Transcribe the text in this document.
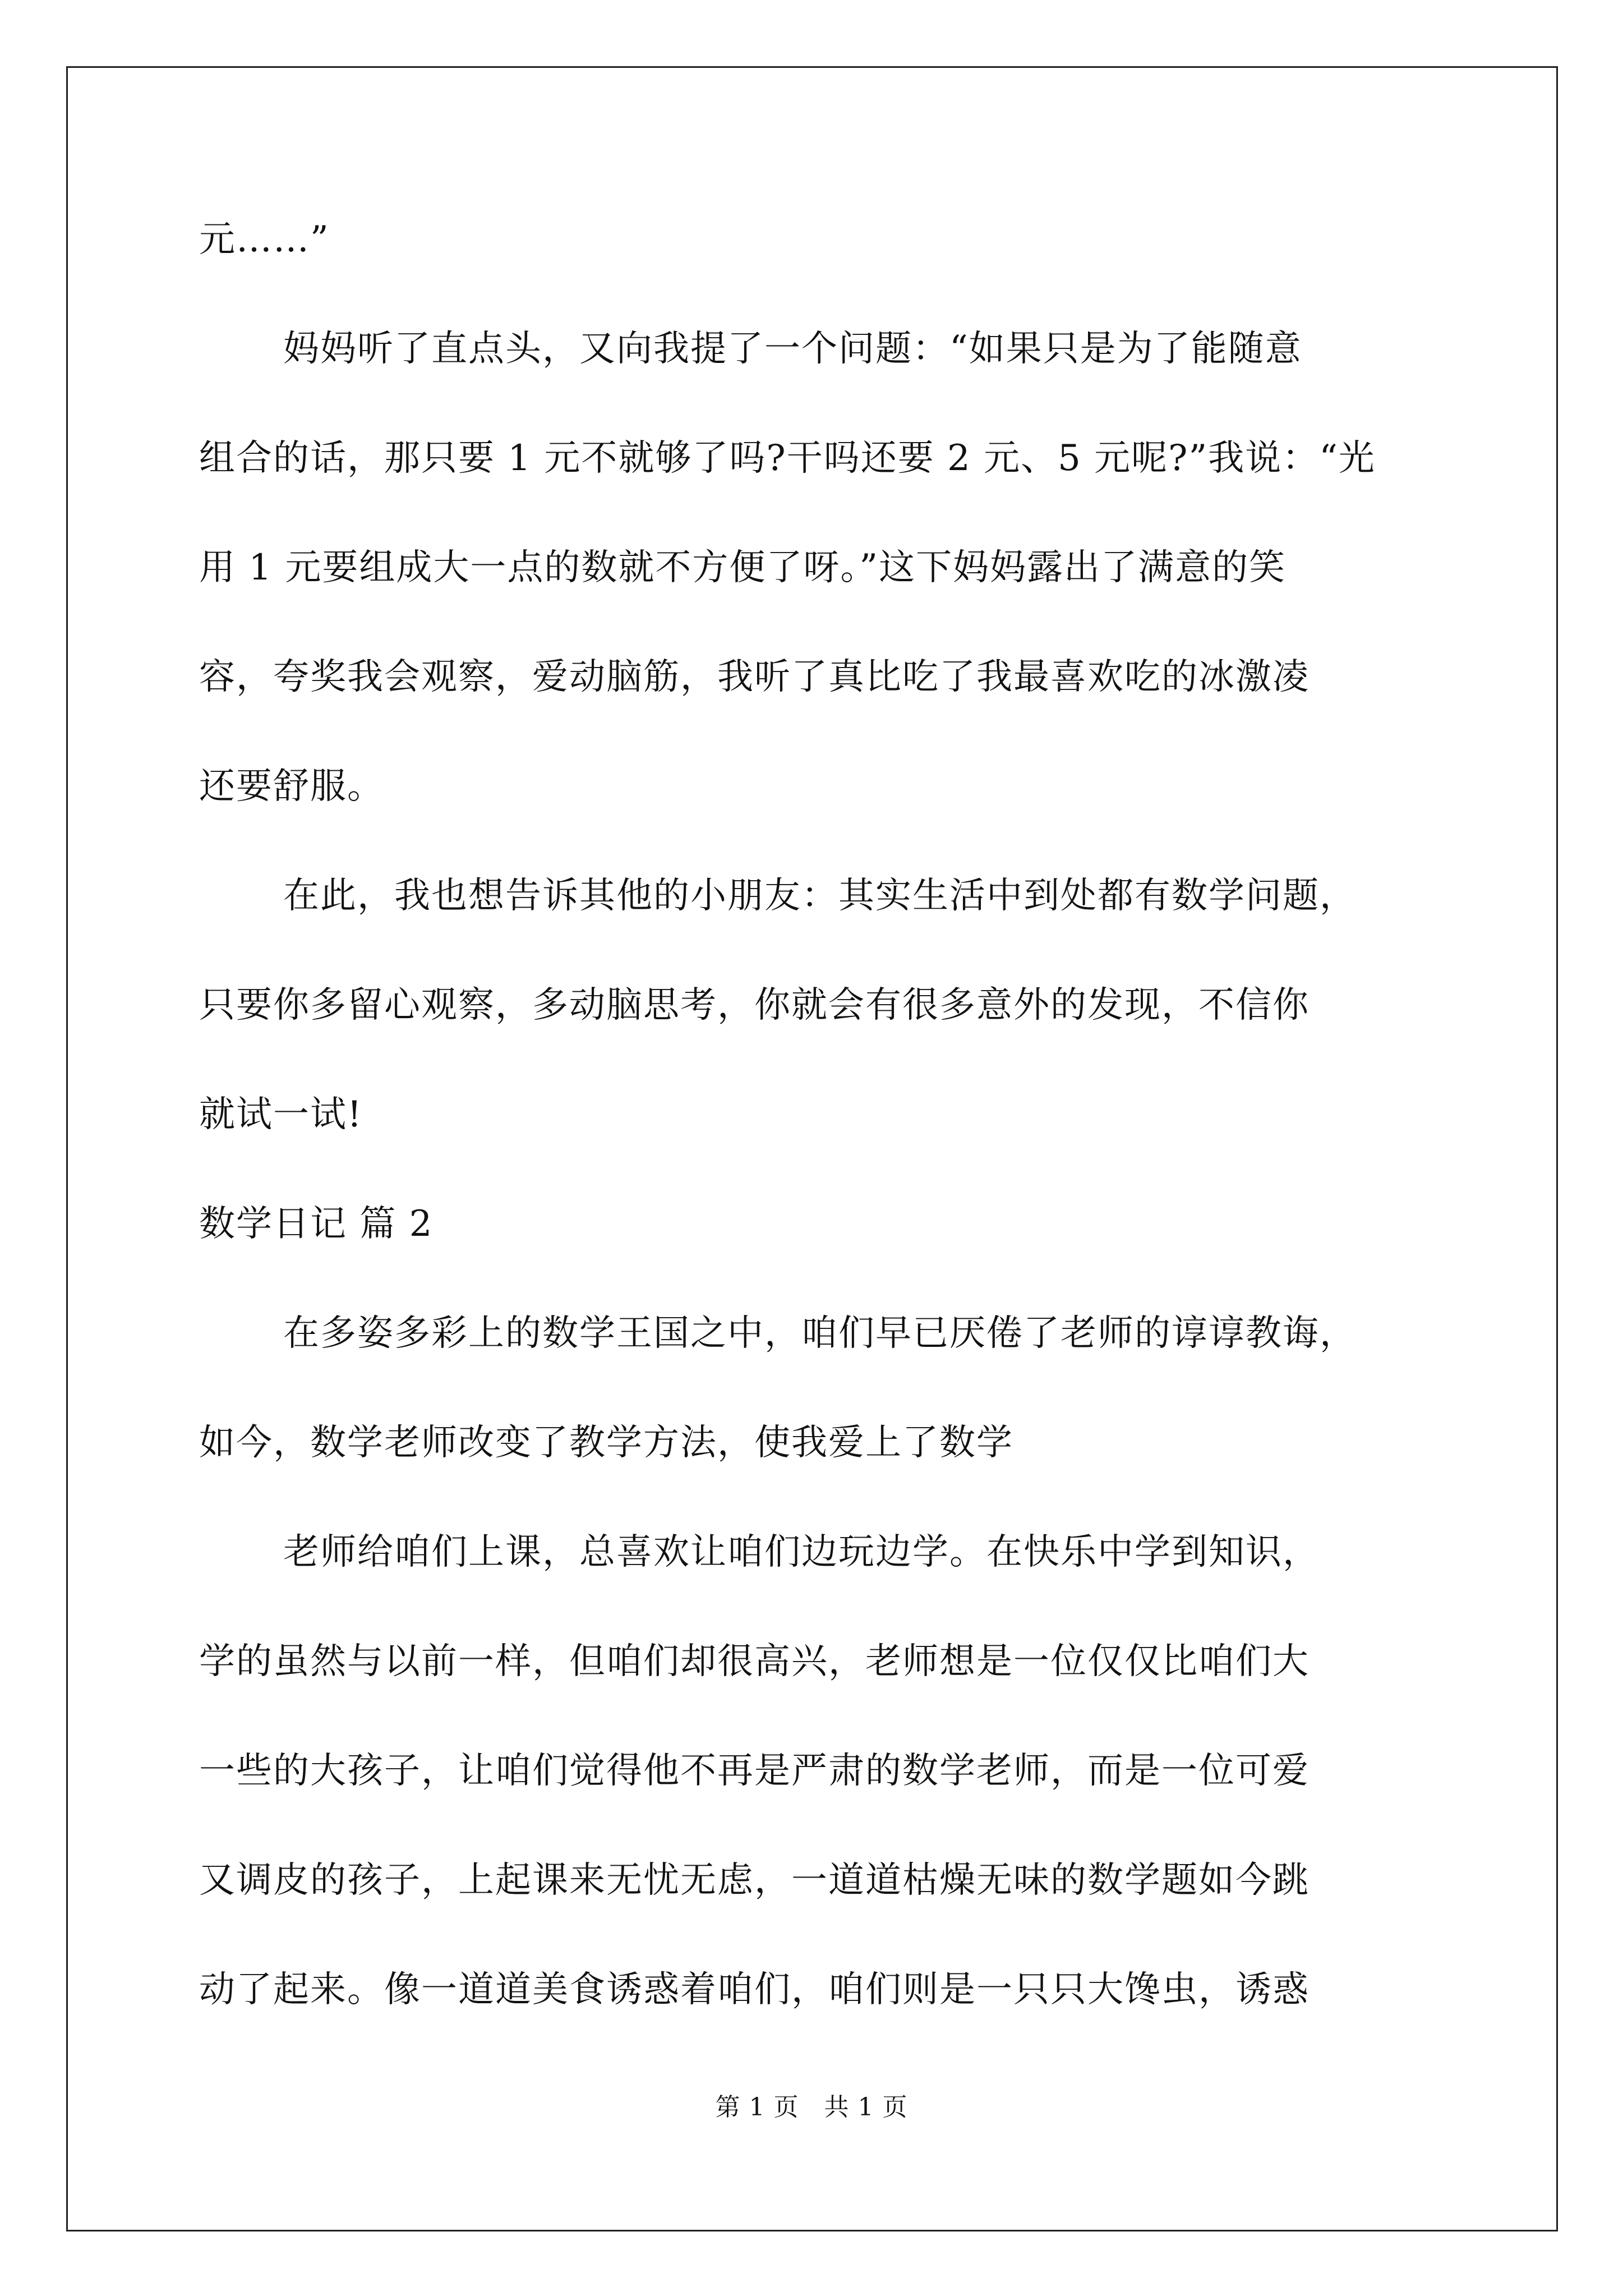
元……”
妈妈听了直点头，又向我提了一个问题：“如果只是为了能随意
组合的话，那只要 1 元不就够了吗?干吗还要 2 元、5 元呢?”我说：“光
用 1 元要组成大一点的数就不方便了呀。”这下妈妈露出了满意的笑
容，夸奖我会观察，爱动脑筋，我听了真比吃了我最喜欢吃的冰激凌
还要舒服。
在此，我也想告诉其他的小朋友：其实生活中到处都有数学问题，
只要你多留心观察，多动脑思考，你就会有很多意外的发现，不信你
就试一试!
数学日记 篇 2
在多姿多彩上的数学王国之中，咱们早已厌倦了老师的谆谆教诲，
如今，数学老师改变了教学方法，使我爱上了数学
老师给咱们上课，总喜欢让咱们边玩边学。在快乐中学到知识，
学的虽然与以前一样，但咱们却很高兴，老师想是一位仅仅比咱们大
一些的大孩子，让咱们觉得他不再是严肃的数学老师，而是一位可爱
又调皮的孩子，上起课来无忧无虑，一道道枯燥无味的数学题如今跳
动了起来。像一道道美食诱惑着咱们，咱们则是一只只大馋虫，诱惑
第 1 页　共 1 页
